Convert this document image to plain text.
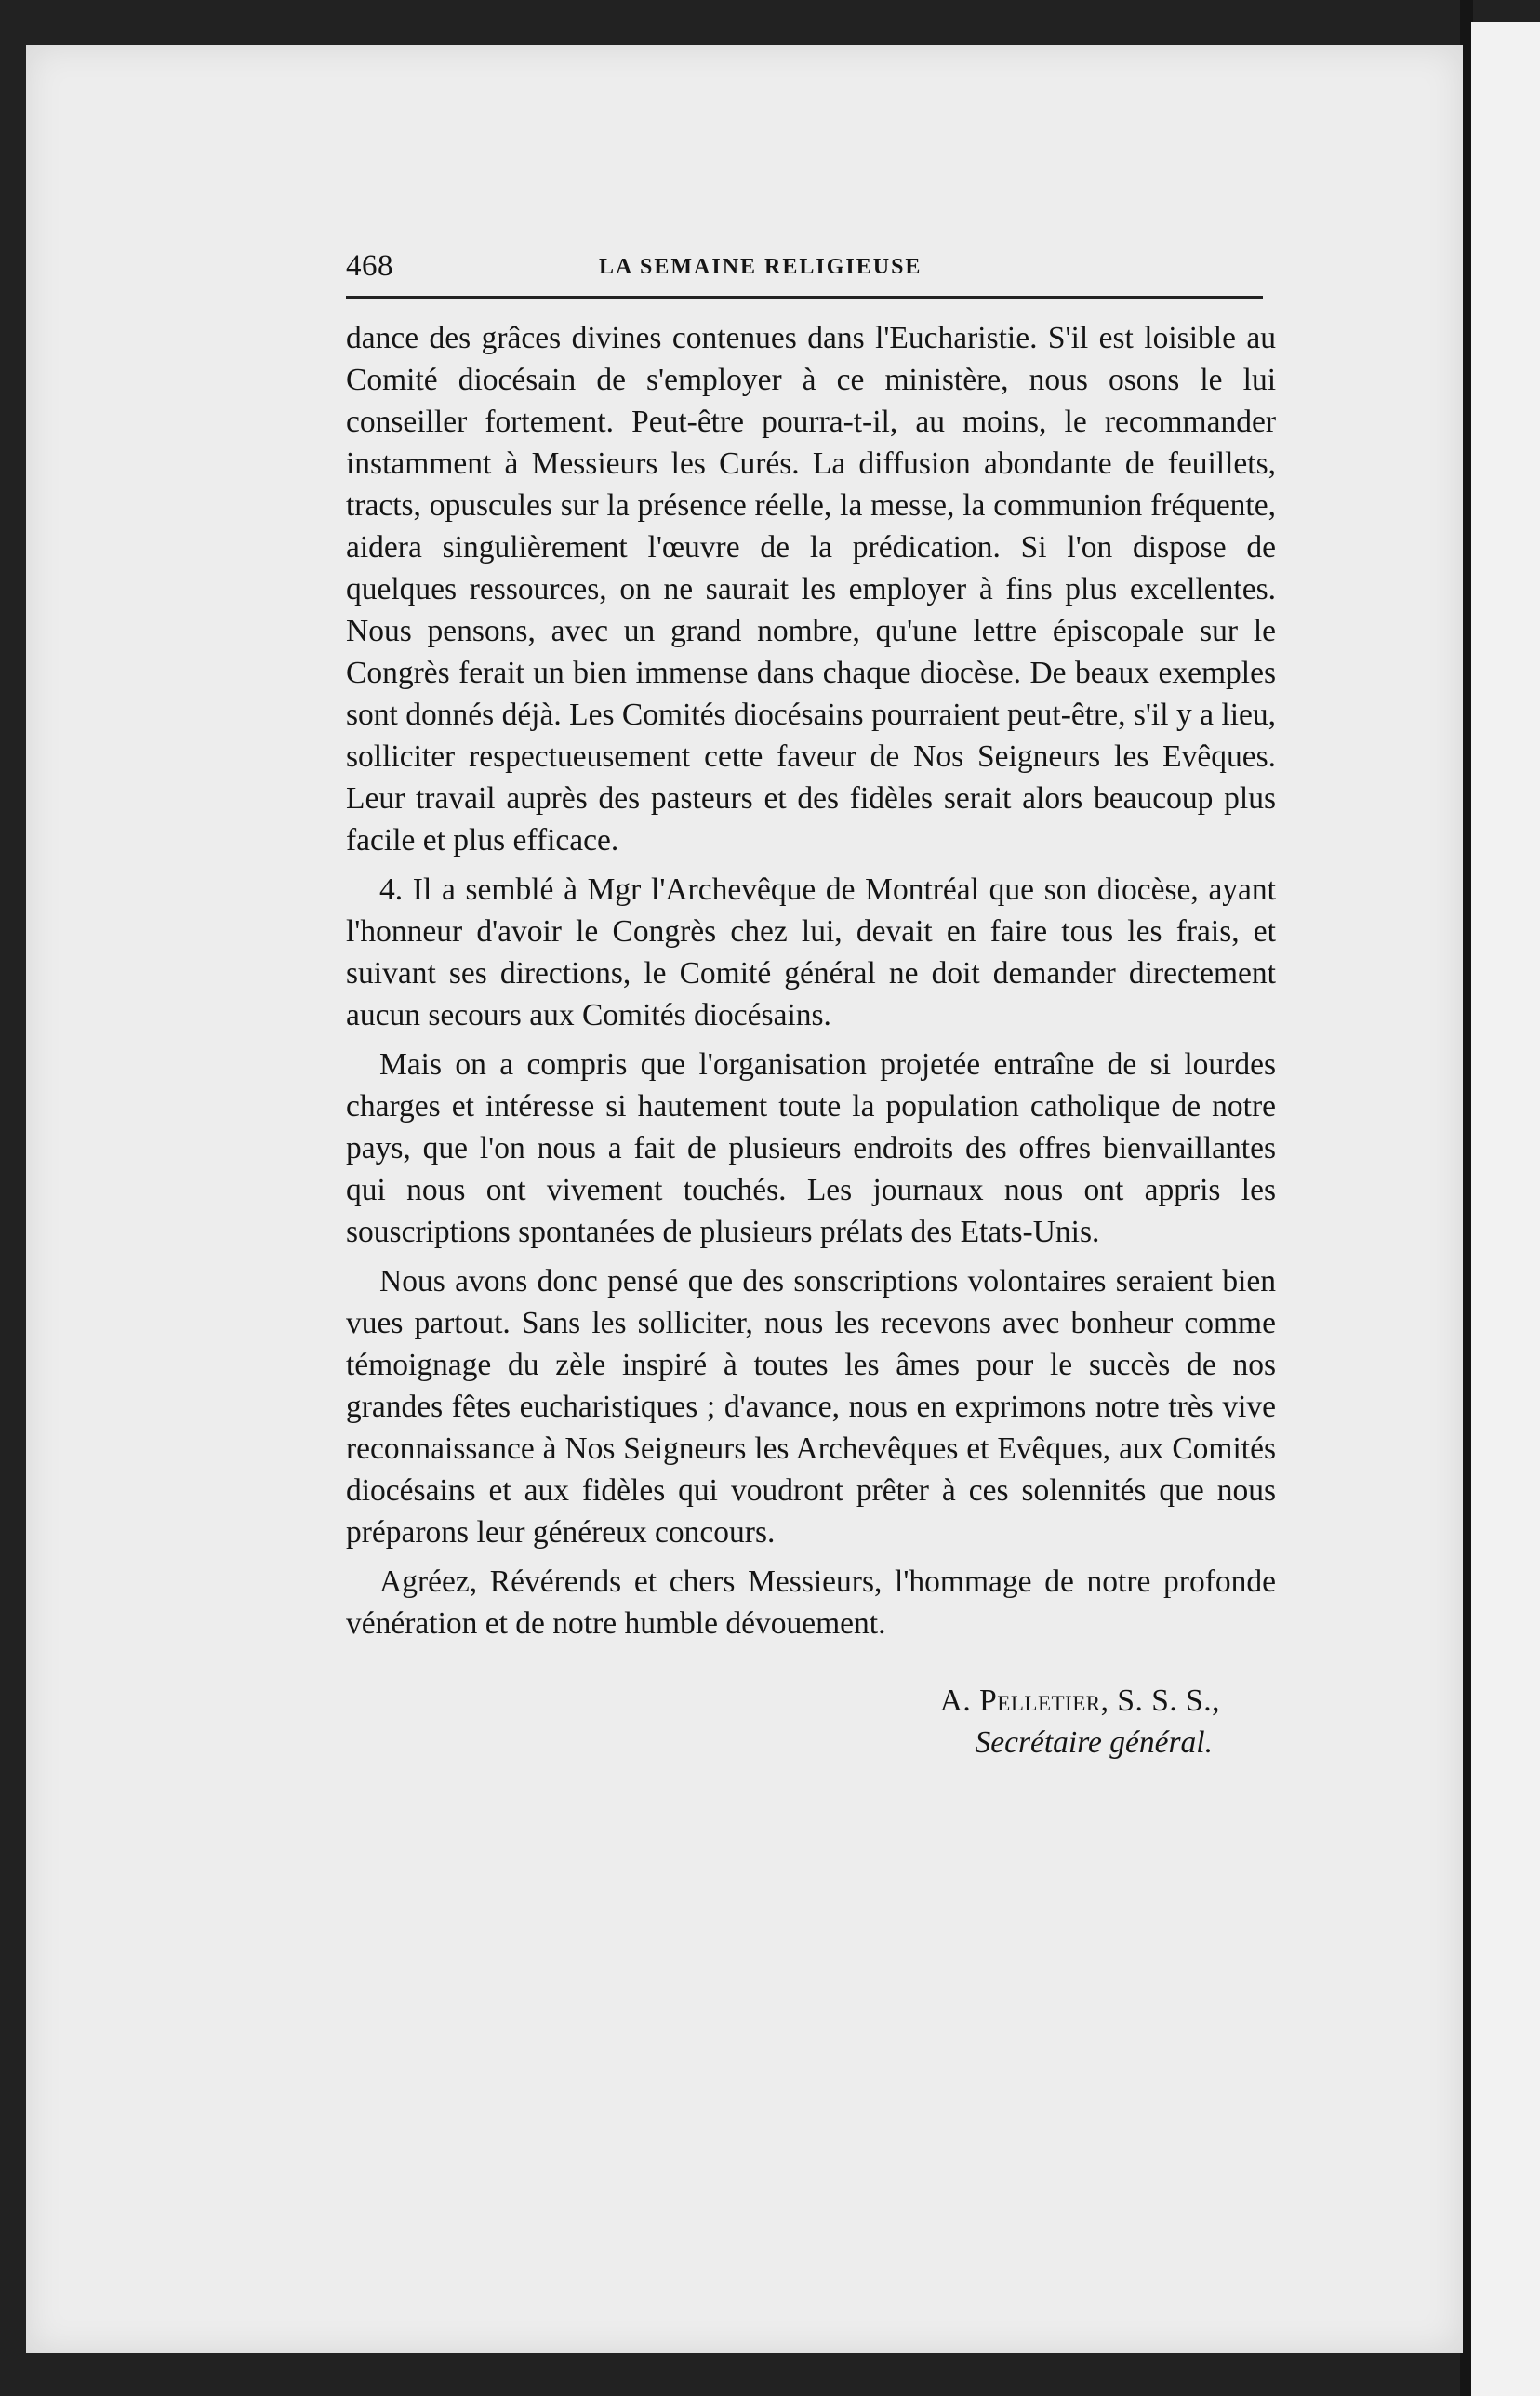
468	LA SEMAINE RELIGIEUSE

dance des grâces divines contenues dans l'Eucharistie. S'il est loisible au Comité diocésain de s'employer à ce ministère, nous osons le lui conseiller fortement. Peut-être pourra-t-il, au moins, le recommander instamment à Messieurs les Curés. La diffusion abondante de feuillets, tracts, opuscules sur la présence réelle, la messe, la communion fréquente, aidera singulièrement l'œuvre de la prédication. Si l'on dispose de quelques ressources, on ne saurait les employer à fins plus excellentes. Nous pensons, avec un grand nombre, qu'une lettre épiscopale sur le Congrès ferait un bien immense dans chaque diocèse. De beaux exemples sont donnés déjà. Les Comités diocésains pourraient peut-être, s'il y a lieu, solliciter respectueusement cette faveur de Nos Seigneurs les Evêques. Leur travail auprès des pasteurs et des fidèles serait alors beaucoup plus facile et plus efficace.

4. Il a semblé à Mgr l'Archevêque de Montréal que son diocèse, ayant l'honneur d'avoir le Congrès chez lui, devait en faire tous les frais, et suivant ses directions, le Comité général ne doit demander directement aucun secours aux Comités diocésains.

Mais on a compris que l'organisation projetée entraîne de si lourdes charges et intéresse si hautement toute la population catholique de notre pays, que l'on nous a fait de plusieurs endroits des offres bienvaillantes qui nous ont vivement touchés. Les journaux nous ont appris les souscriptions spontanées de plusieurs prélats des Etats-Unis.

Nous avons donc pensé que des sonscriptions volontaires seraient bien vues partout. Sans les solliciter, nous les recevons avec bonheur comme témoignage du zèle inspiré à toutes les âmes pour le succès de nos grandes fêtes eucharistiques ; d'avance, nous en exprimons notre très vive reconnaissance à Nos Seigneurs les Archevêques et Evêques, aux Comités diocésains et aux fidèles qui voudront prêter à ces solennités que nous préparons leur généreux concours.

Agréez, Révérends et chers Messieurs, l'hommage de notre profonde vénération et de notre humble dévouement.

A. Pelletier, S. S. S.,
Secrétaire général.
